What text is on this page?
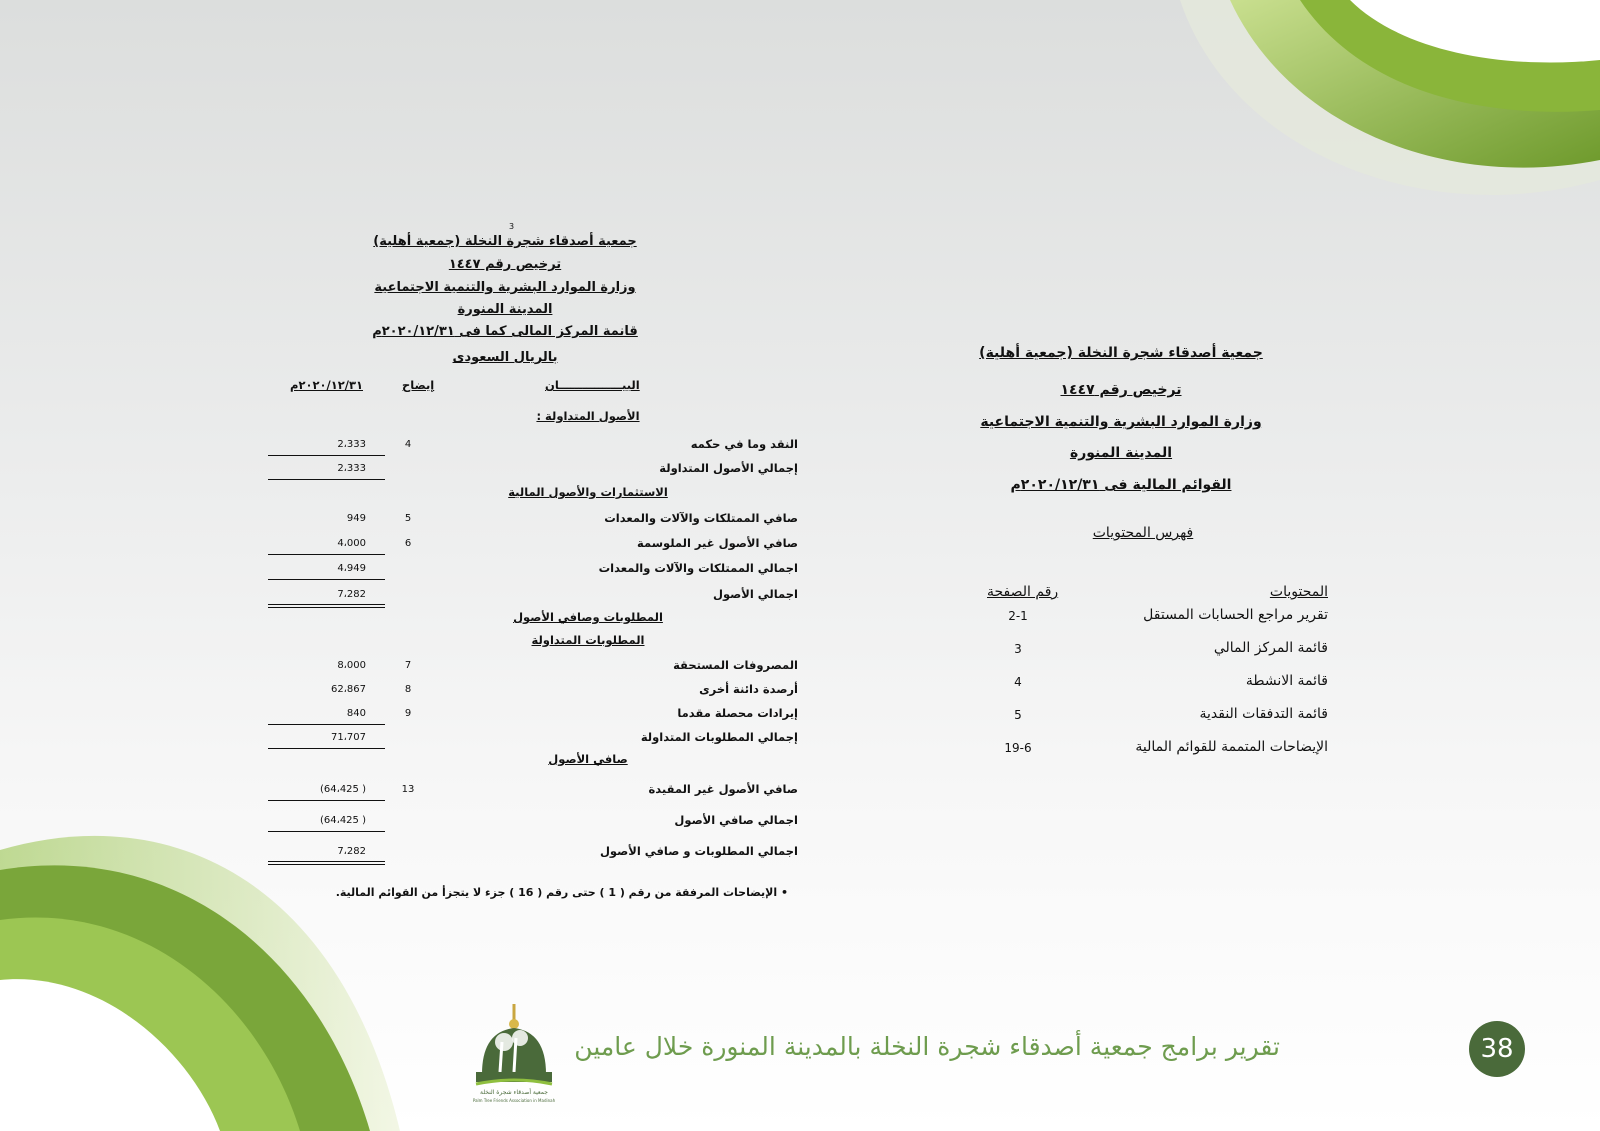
3
جمعية أصدقاء شجرة النخلة (جمعية أهلية)
ترخيص رقم ١٤٤٧
وزارة الموارد البشرية والتنمية الاجتماعية
المدينة المنورة
قانمة المركز المالى كما فى ٢٠٢٠/١٢/٣١م
بالريال السعودى
البيــــــــــــــــان
إيضاح
٢٠٢٠/١٢/٣١م
الأصول المتداولة :
النقد وما في حكمه
4
2،333
إجمالي الأصول المتداولة
2،333
الاستثمارات والأصول المالية
صافي الممتلكات والآلات والمعدات
5
949
صافي الأصول غير الملوسمة
6
4،000
اجمالي الممتلكات والآلات والمعدات
4،949
اجمالي الأصول
7،282
المطلوبات وصافي الأصول
المطلوبات المتداولة
المصروفات المستحقة
7
8،000
أرصدة دائنة أخرى
8
62،867
إيرادات محصلة مقدما
9
840
إجمالي المطلوبات المتداولة
71،707
صافي الأصول
صافي الأصول غير المقيدة
13
(64،425 )
اجمالي صافي الأصول
(64،425 )
اجمالي المطلوبات و صافي الأصول
7،282
• الإيضاحات المرفقة من رقم ( 1 ) حتى رقم ( 16 ) جزء لا يتجزأ من القوائم المالية.
جمعية أصدقاء شجرة النخلة (جمعية أهلية)
ترخيص رقم ١٤٤٧
وزارة الموارد البشرية والتنمية الاجتماعية
المدينة المنورة
القوائم المالية فى ٢٠٢٠/١٢/٣١م
فهرس المحتويات
المحتويات
رقم الصفحة
تقرير مراجع الحسابات المستقل
2-1
قائمة المركز المالي
3
قائمة الانشطة
4
قائمة التدفقات النقدية
5
الإيضاحات المتممة للقوائم المالية
19-6
جمعية أصدقاء شجرة النخلة
Palm Tree Friends Association in Madinah
تقرير برامج جمعية أصدقاء شجرة النخلة بالمدينة المنورة خلال عامين	38
